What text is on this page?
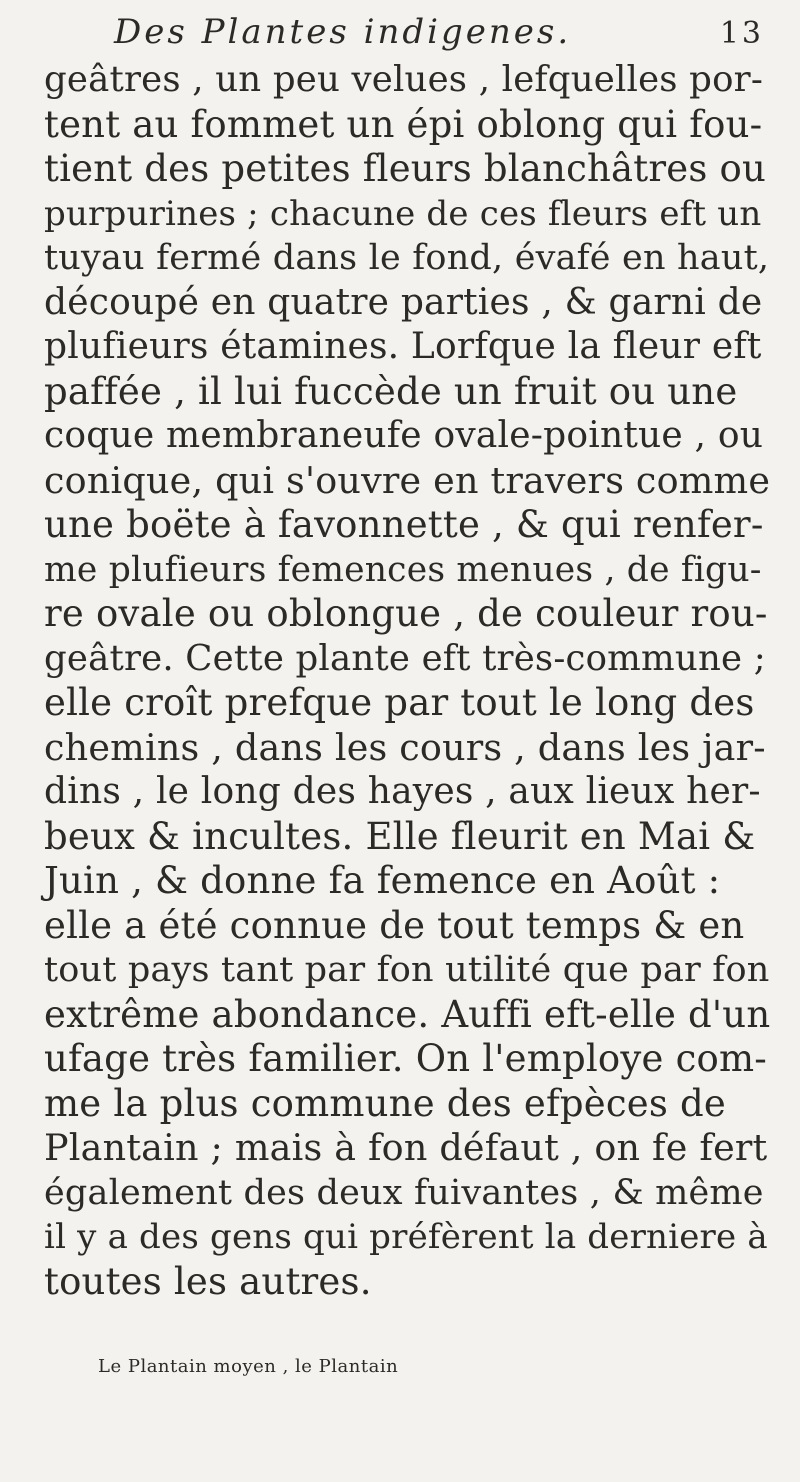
Des Plantes indigenes.	13
geâtres , un peu velues , lefquelles por-
tent au fommet un épi oblong qui fou-
tient des petites fleurs blanchâtres ou
purpurines ; chacune de ces fleurs eft un
tuyau fermé dans le fond, évafé en haut,
découpé en quatre parties , & garni de
plufieurs étamines. Lorfque la fleur eft
paffée , il lui fuccède un fruit ou une
coque membraneufe ovale-pointue , ou
conique, qui s'ouvre en travers comme
une boëte à favonnette , & qui renfer-
me plufieurs femences menues , de figu-
re ovale ou oblongue , de couleur rou-
geâtre. Cette plante eft très-commune ;
elle croît prefque par tout le long des
chemins , dans les cours , dans les jar-
dins , le long des hayes , aux lieux her-
beux & incultes. Elle fleurit en Mai &
Juin , & donne fa femence en Août :
elle a été connue de tout temps & en
tout pays tant par fon utilité que par fon
extrême abondance. Auffi eft-elle d'un
ufage très familier. On l'employe com-
me la plus commune des efpèces de
Plantain ; mais à fon défaut , on fe fert
également des deux fuivantes , & même
il y a des gens qui préfèrent la derniere à
toutes les autres.
Le Plantain moyen , le Plantain
